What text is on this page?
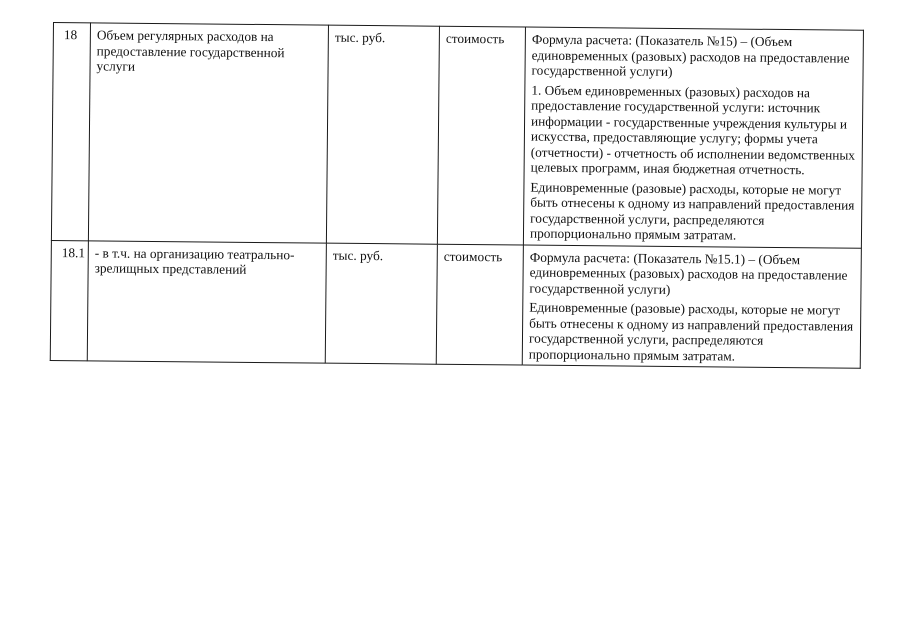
18	Объем регулярных расходов на предоставление государственной услуги	тыс. руб.	стоимость	Формула расчета: (Показатель №15) – (Объем единовременных (разовых) расходов на предоставление государственной услуги)

1. Объем единовременных (разовых) расходов на предоставление государственной услуги: источник информации - государственные учреждения культуры и искусства, предоставляющие услугу; формы учета (отчетности) - отчетность об исполнении ведомственных целевых программ, иная бюджетная отчетность.

Единовременные (разовые) расходы, которые не могут быть отнесены к одному из направлений предоставления государственной услуги, распределяются пропорционально прямым затратам.

18.1	- в т.ч. на организацию театрально-зрелищных представлений	тыс. руб.	стоимость	Формула расчета: (Показатель №15.1) – (Объем единовременных (разовых) расходов на предоставление государственной услуги)

Единовременные (разовые) расходы, которые не могут быть отнесены к одному из направлений предоставления государственной услуги, распределяются пропорционально прямым затратам.
